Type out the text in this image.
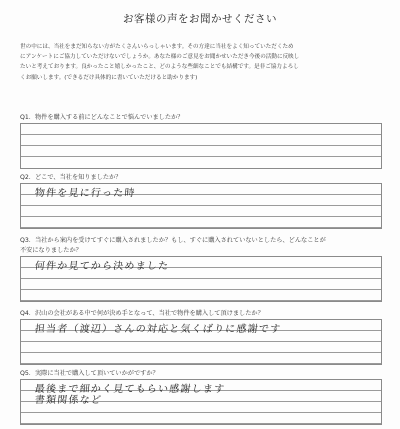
お客様の声をお聞かせください

世の中には、当社をまだ知らない方がたくさんいらっしゃいます。その方達に当社をよく知っていただくため

にアンケートにご協力していただけないでしょうか。あなた様のご意見をお聞かせいただき今後の活動に反映し

たいと考えております。良かったこと嬉しかったこと、どのような些細なことでも結構です。是非ご協力よろし

くお願いします。(できるだけ具体的に書いていただけると助かります)

Q1．物件を購入する前にどんなことで悩んでいましたか？
Q2．どこで、当社を知りましたか？
物件を見に行った時
Q3．当社から案内を受けてすぐに購入されましたか？もし、すぐに購入されていないとしたら、どんなことが
不安になりましたか？
何件か見てから決めました
Q4．沢山の会社がある中で何が決め手となって、当社で物件を購入して頂けましたか？
担当者（渡辺）さんの対応と気くばりに感謝です
Q5．実際に当社で購入して頂いていかがですか？
最後まで細かく見てもらい感謝します
書類関係など
